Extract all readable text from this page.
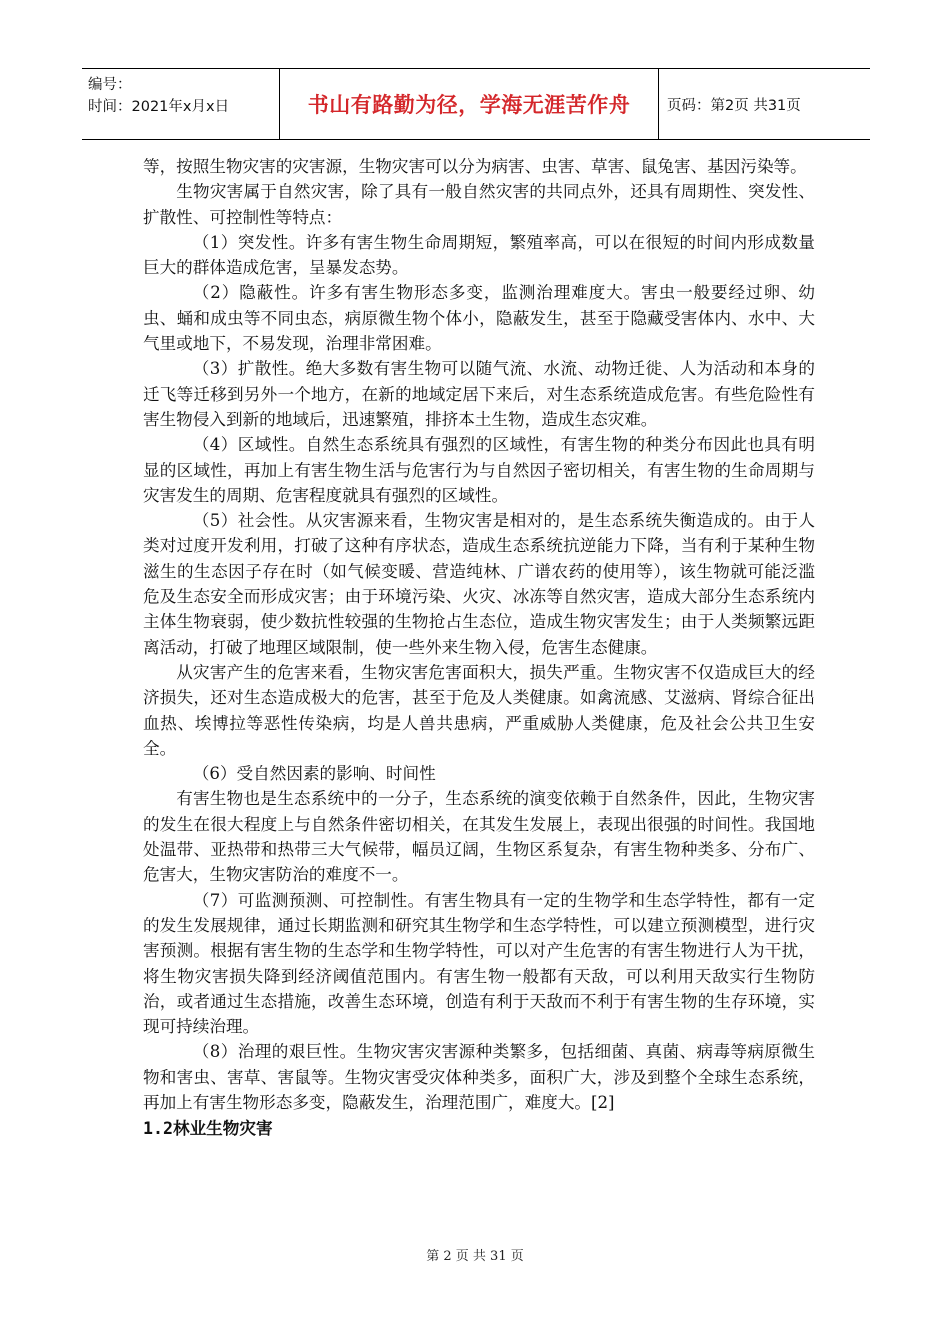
编号：
时间：2021年x月x日	书山有路勤为径，学海无涯苦作舟	页码：第2页 共31页

等，按照生物灾害的灾害源，生物灾害可以分为病害、虫害、草害、鼠兔害、基因污染等。

生物灾害属于自然灾害，除了具有一般自然灾害的共同点外，还具有周期性、突发性、扩散性、可控制性等特点：

（1）突发性。许多有害生物生命周期短，繁殖率高，可以在很短的时间内形成数量巨大的群体造成危害，呈暴发态势。

（2）隐蔽性。许多有害生物形态多变，监测治理难度大。害虫一般要经过卵、幼虫、蛹和成虫等不同虫态，病原微生物个体小，隐蔽发生，甚至于隐藏受害体内、水中、大气里或地下，不易发现，治理非常困难。

（3）扩散性。绝大多数有害生物可以随气流、水流、动物迁徙、人为活动和本身的迁飞等迁移到另外一个地方，在新的地域定居下来后，对生态系统造成危害。有些危险性有害生物侵入到新的地域后，迅速繁殖，排挤本土生物，造成生态灾难。

（4）区域性。自然生态系统具有强烈的区域性，有害生物的种类分布因此也具有明显的区域性，再加上有害生物生活与危害行为与自然因子密切相关，有害生物的生命周期与灾害发生的周期、危害程度就具有强烈的区域性。

（5）社会性。从灾害源来看，生物灾害是相对的，是生态系统失衡造成的。由于人类对过度开发利用，打破了这种有序状态，造成生态系统抗逆能力下降，当有利于某种生物滋生的生态因子存在时（如气候变暖、营造纯林、广谱农药的使用等），该生物就可能泛滥危及生态安全而形成灾害；由于环境污染、火灾、冰冻等自然灾害，造成大部分生态系统内主体生物衰弱，使少数抗性较强的生物抢占生态位，造成生物灾害发生；由于人类频繁远距离活动，打破了地理区域限制，使一些外来生物入侵，危害生态健康。

从灾害产生的危害来看，生物灾害危害面积大，损失严重。生物灾害不仅造成巨大的经济损失，还对生态造成极大的危害，甚至于危及人类健康。如禽流感、艾滋病、肾综合征出血热、埃博拉等恶性传染病，均是人兽共患病，严重威胁人类健康，危及社会公共卫生安全。

（6）受自然因素的影响、时间性

有害生物也是生态系统中的一分子，生态系统的演变依赖于自然条件，因此，生物灾害的发生在很大程度上与自然条件密切相关，在其发生发展上，表现出很强的时间性。我国地处温带、亚热带和热带三大气候带，幅员辽阔，生物区系复杂，有害生物种类多、分布广、危害大，生物灾害防治的难度不一。

（7）可监测预测、可控制性。有害生物具有一定的生物学和生态学特性，都有一定的发生发展规律，通过长期监测和研究其生物学和生态学特性，可以建立预测模型，进行灾害预测。根据有害生物的生态学和生物学特性，可以对产生危害的有害生物进行人为干扰，将生物灾害损失降到经济阈值范围内。有害生物一般都有天敌，可以利用天敌实行生物防治，或者通过生态措施，改善生态环境，创造有利于天敌而不利于有害生物的生存环境，实现可持续治理。

（8）治理的艰巨性。生物灾害灾害源种类繁多，包括细菌、真菌、病毒等病原微生物和害虫、害草、害鼠等。生物灾害受灾体种类多，面积广大，涉及到整个全球生态系统，再加上有害生物形态多变，隐蔽发生，治理范围广，难度大。[2]

1.2林业生物灾害
第 2 页 共 31 页
